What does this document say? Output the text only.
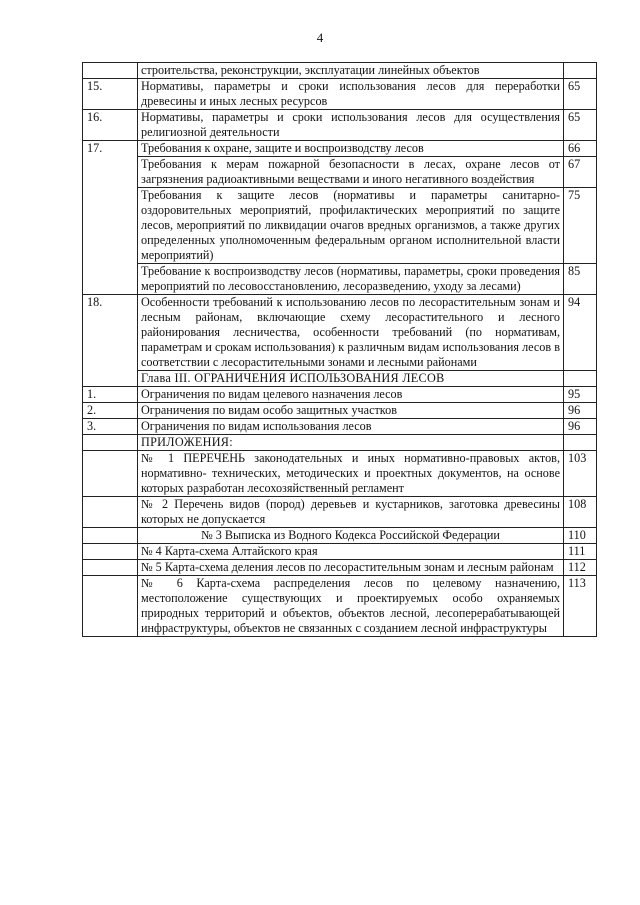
4
	строительства, реконструкции, эксплуатации линейных объектов	
15.	Нормативы, параметры и сроки использования лесов для переработки древесины и иных лесных ресурсов	65
16.	Нормативы, параметры и сроки использования лесов для осуществления религиозной деятельности	65
17.	Требования к охране, защите и воспроизводству лесов	66
	Требования к мерам пожарной безопасности в лесах, охране лесов от загрязнения радиоактивными веществами и иного негативного воздействия	67
	Требования к защите лесов (нормативы и параметры санитарно-оздоровительных мероприятий, профилактических мероприятий по защите лесов, мероприятий по ликвидации очагов вредных организмов, а также других определенных уполномоченным федеральным органом исполнительной власти мероприятий)	75
	Требование к воспроизводству лесов (нормативы, параметры, сроки проведения мероприятий по лесовосстановлению, лесоразведению, уходу за лесами)	85
18.	Особенности требований к использованию лесов по лесорастительным зонам и лесным районам, включающие схему лесорастительного и лесного районирования лесничества, особенности требований (по нормативам, параметрам и срокам использования) к различным видам использования лесов в соответствии с лесорастительными зонами и лесными районами	94
	Глава III. ОГРАНИЧЕНИЯ ИСПОЛЬЗОВАНИЯ ЛЕСОВ	
1.	Ограничения по видам целевого назначения лесов	95
2.	Ограничения по видам особо защитных участков	96
3.	Ограничения по видам использования лесов	96
	ПРИЛОЖЕНИЯ:	
	№ 1 ПЕРЕЧЕНЬ законодательных и иных нормативно-правовых актов, нормативно- технических, методических и проектных документов, на основе которых разработан лесохозяйственный регламент	103
	№ 2 Перечень видов (пород) деревьев и кустарников, заготовка древесины которых не допускается	108
	№ 3 Выписка из Водного Кодекса Российской Федерации	110
	№ 4 Карта-схема Алтайского края	111
	№ 5 Карта-схема деления лесов по лесорастительным зонам и лесным районам	112
	№ 6 Карта-схема распределения лесов по целевому назначению, местоположение существующих и проектируемых особо охраняемых природных территорий и объектов, объектов лесной, лесоперерабатывающей инфраструктуры, объектов не связанных с созданием лесной инфраструктуры	113
